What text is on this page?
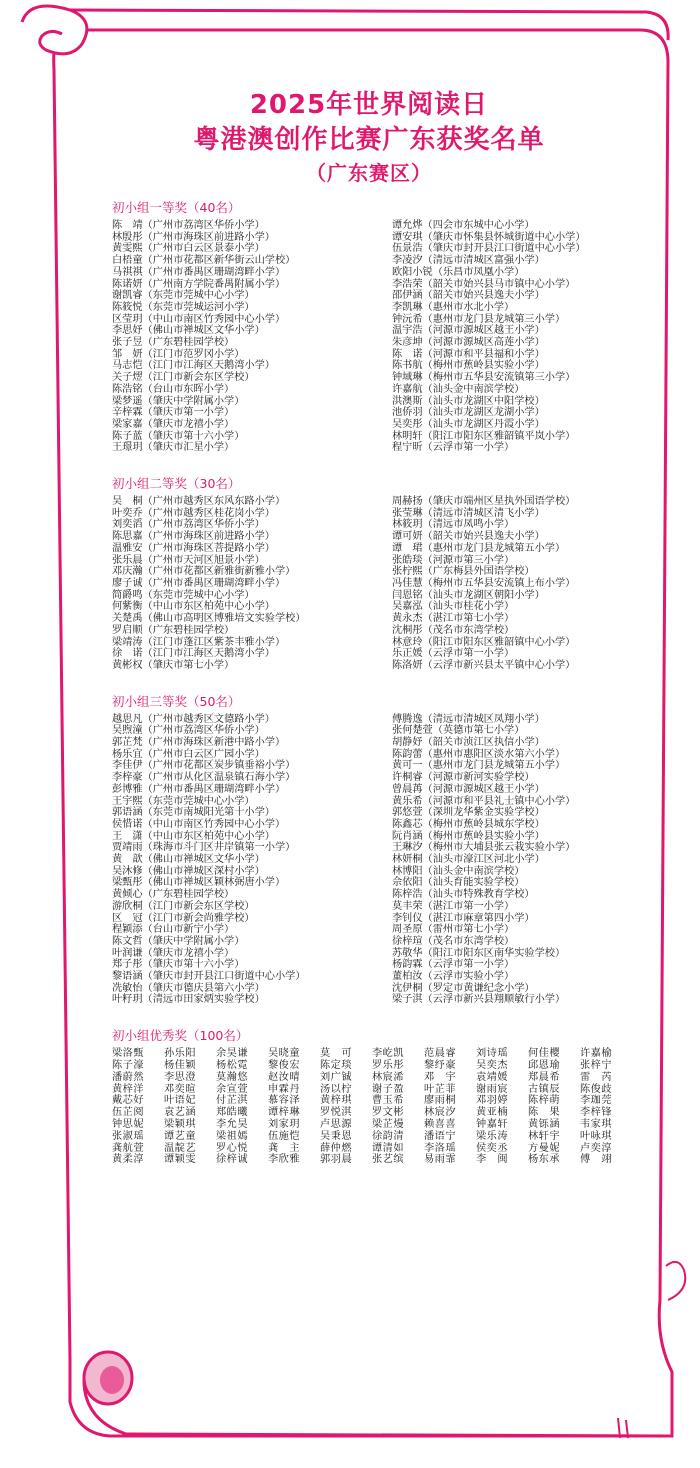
2025年世界阅读日
粤港澳创作比赛广东获奖名单
（广东赛区）
初小组一等奖（40名）
陈　靖（广州市荔湾区华侨小学）
林殷彤（广州市海珠区前进路小学）
黄雯熙（广州市白云区景泰小学）
白梧童（广州市花都区新华街云山学校）
马祺祺（广州市番禺区珊瑚湾畔小学）
陈诺妍（广州南方学院番禺附属小学）
谢凯睿（东莞市莞城中心小学）
陈筱悦（东莞市莞城运河小学）
区莹玥（中山市南区竹秀园中心小学）
李思妤（佛山市禅城区文华小学）
张子昱（广东碧桂园学校）
邹　妍（江门市范罗冈小学）
马志恺（江门市江海区天鹅湾小学）
关子熤（江门市新会东区学校）
陈浩铭（台山市东晖小学）
梁梦遥（肇庆中学附属小学）
辛梓霖（肇庆市第一小学）
梁家嘉（肇庆市龙禧小学）
陈子蓝（肇庆市第十六小学）
王璟玥（肇庆市汇星小学）
谭允烨（四会市东城中心小学）
谭安琪（肇庆市怀集县怀城街道中心小学）
伍景浩（肇庆市封开县江口街道中心小学）
李凌汐（清远市清城区富强小学）
欧阳小锐（乐昌市凤凰小学）
李浩荣（韶关市始兴县马市镇中心小学）
邵伊涵（韶关市始兴县逸夫小学）
李凯琳（惠州市水北小学）
钟沅希（惠州市龙门县龙城第三小学）
温宇浩（河源市源城区越王小学）
朱彦坤（河源市源城区高莲小学）
陈　诺（河源市和平县福和小学）
陈书航（梅州市蕉岭县实验小学）
钟域琳（梅州市五华县安流镇第三小学）
许嘉航（汕头金中南滨学校）
洪澳斯（汕头市龙湖区中阳学校）
池侨羽（汕头市龙湖区龙湖小学）
吴奕彤（汕头市龙湖区丹霞小学）
林明轩（阳江市阳东区雅韶镇平岚小学）
程宁昕（云浮市第一小学）
初小组二等奖（30名）
吴　桐（广州市越秀区东风东路小学）
叶奕乔（广州市越秀区桂花岗小学）
刘奕滔（广州市荔湾区华侨小学）
陈思嘉（广州市海珠区前进路小学）
温雅安（广州市海珠区菩提路小学）
张乐晨（广州市天河区旭景小学）
邓庆瀚（广州市花都区新雅街新雅小学）
廖子诚（广州市番禺区珊瑚湾畔小学）
简爵鸣（东莞市莞城中心小学）
何紫衡（中山市东区柏苑中心小学）
关楚禹（佛山市高明区博雅培文实验学校）
罗启顺（广东碧桂园学校）
梁靖涛（江门市蓬江区紫茶丰雅小学）
徐　诺（江门市江海区天鹅湾小学）
黄彬权（肇庆市第七小学）
周赫扬（肇庆市端州区星执外国语学校）
张莹琳（清远市清城区清飞小学）
林筱玥（清远市凤鸣小学）
谭可妍（韶关市始兴县逸夫小学）
谭　珺（惠州市龙门县龙城第五小学）
张皓琰（河源市第三小学）
张柠熙（广东梅县外国语学校）
冯佳慧（梅州市五华县安流镇上布小学）
闫恩铭（汕头市龙湖区朝阳小学）
吴嘉泓（汕头市桂花小学）
黄永杰（湛江市第七小学）
沈桐彤（茂名市东湾学校）
林意玲（阳江市阳东区雅韶镇中心小学）
乐正媛（云浮市第一小学）
陈洛妍（云浮市新兴县太平镇中心小学）
初小组三等奖（50名）
越思凡（广州市越秀区文德路小学）
吴煦潼（广州市荔湾区华侨小学）
郭芷梵（广州市海珠区新港中路小学）
杨乐宜（广州市白云区广园小学）
李佳伊（广州市花都区炭步镇垂裕小学）
李梓豪（广州市从化区温泉镇石海小学）
彭博雅（广州市番禺区珊瑚湾畔小学）
王宇熙（东莞市莞城中心小学）
郭语涵（东莞市南城阳光第十小学）
侯惜诺（中山市南区竹秀园中心小学）
王　潇（中山市东区柏苑中心小学）
贾靖雨（珠海市斗门区井岸镇第一小学）
黄　歆（佛山市禅城区文华小学）
吴沐修（佛山市禅城区深村小学）
梁甄彤（佛山市禅城区颖林弼唐小学）
黄倾心（广东碧桂园学校）
游欣桐（江门市新会东区学校）
区　冠（江门市新会尚雅学校）
程颖添（台山市新宁小学）
陈文哲（肇庆中学附属小学）
叶润谦（肇庆市龙禧小学）
郑子彤（肇庆市第十六小学）
黎语涵（肇庆市封开县江口街道中心小学）
冼敏怡（肇庆市德庆县第六小学）
叶籽玥（清远市田家炳实验学校）
傅腾逸（清远市清城区凤翔小学）
张何楚萱（英德市第七小学）
胡静妤（韶关市浈江区执信小学）
陈韵蕾（惠州市惠阳区淡水第六小学）
黄可一（惠州市龙门县龙城第五小学）
许桐睿（河源市新河实验学校）
曾晨苒（河源市源城区越王小学）
黄乐希（河源市和平县礼士镇中心小学）
郭悠萱（深圳龙华紫金实验学校）
陈鑫芯（梅州市蕉岭县城东学校）
阮肖涵（梅州市蕉岭县实验小学）
王琳汐（梅州市大埔县张云栽实验小学）
林妍桐（汕头市濠江区河北小学）
林博阳（汕头金中南滨学校）
佘依阳（汕头育能实验学校）
陈梓浩（汕头市特殊教育学校）
莫丰荣（湛江市第一小学）
李钊仪（湛江市麻章第四小学）
周圣原（雷州市第七小学）
徐梓瑄（茂名市东湾学校）
苏敬华（阳江市阳东区南华实验学校）
杨韵霖（云浮市第一小学）
董柏汝（云浮市实验小学）
沈伊桐（罗定市黄谦纪念小学）
梁子淇（云浮市新兴县翔顺敏行小学）
初小组优秀奖（100名）
梁洛甄	孙乐阳	余昊谦	吴晓童	莫　可	李屹凯	范晨睿	刘诗瑶	何佳樱	许嘉榆
陈子濠	杨佳颖	杨松霓	黎俊宏	陈定琰	罗乐彤	黎纾豪	吴奕杰	邱恩瑜	张梓宁
潘蔚然	李思澄	莫瀚悠	赵汝晴	刘广铖	林宸浠	邓　宇	袁靖媛	郑晨希	雷　芮
黄梓洋	邓奕暄	余宣萱	申霖丹	汤以柠	谢子盈	叶芷菲	谢雨宸	古镇辰	陈俊歧
戴芯好	叶语妃	付芷淇	慕容泽	黄梓琪	曹玉希	廖雨桐	邓羽婷	陈梓萌	李珈莞
伍芷阅	袁艺涵	郑皓曦	谭梓琳	罗悦淇	罗文彬	林宸汐	黄亚楠	陈　果	李梓锋
钟思妮	梁颖琪	李允昊	刘家玥	卢思源	梁芷熳	赖喜喜	钟嘉轩	黄铄涵	韦家琪
张淑瑶	谭艺童	梁祖嫣	伍施恺	吴秉恩	徐韵清	潘语宁	梁乐涛	林轩宇	叶咏琪
龚航萱	温靛艺	罗心悦	龚　主	薛仲燃	谭清如	李洛瑶	侯奕丞	方曼妮	卢奕淳
黄柔淳	谭颖雯	徐梓诚	李欣雅	郭羽晨	张艺缤	易雨霏	李　闽	杨东承	傅　翊
